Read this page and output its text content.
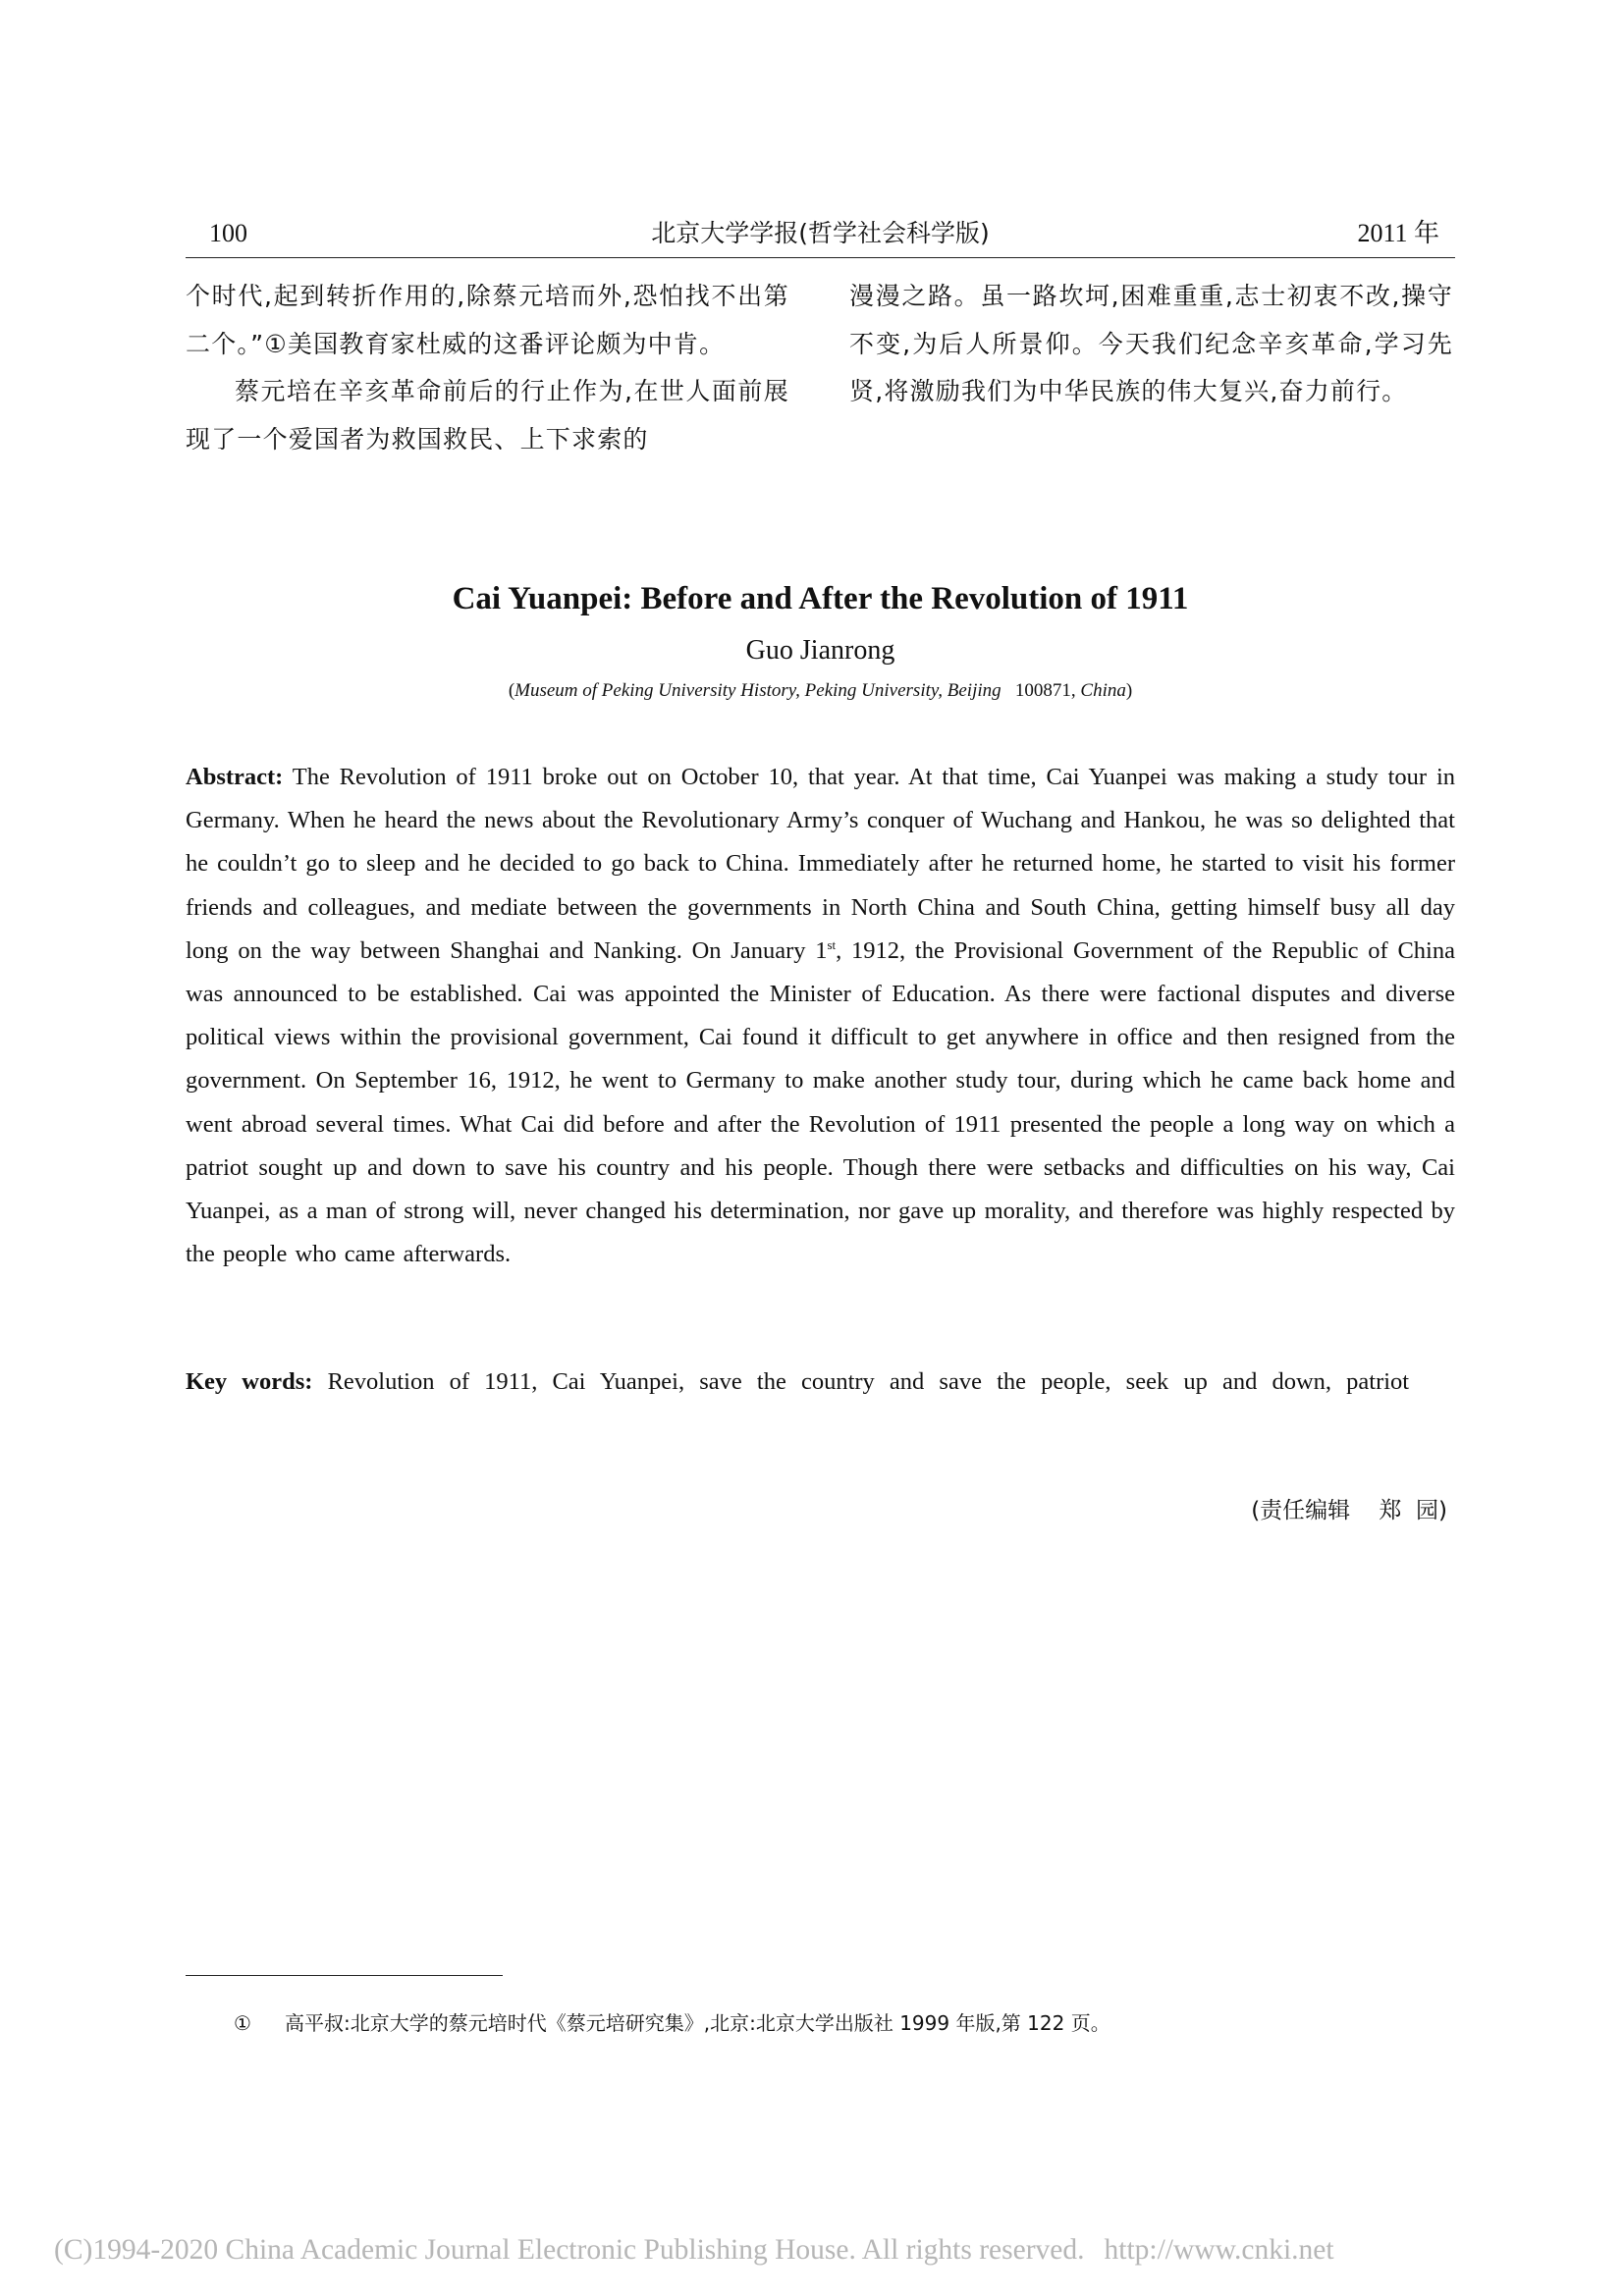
100	北京大学学报(哲学社会科学版)	2011 年

个时代,起到转折作用的,除蔡元培而外,恐怕找不出第二个。”①美国教育家杜威的这番评论颇为中肯。

蔡元培在辛亥革命前后的行止作为,在世人面前展现了一个爱国者为救国救民、上下求索的

漫漫之路。虽一路坎坷,困难重重,志士初衷不改,操守不变,为后人所景仰。今天我们纪念辛亥革命,学习先贤,将激励我们为中华民族的伟大复兴,奋力前行。

Cai Yuanpei: Before and After the Revolution of 1911
Guo Jianrong
(Museum of Peking University History, Peking University, Beijing 100871, China)
Abstract: The Revolution of 1911 broke out on October 10, that year. At that time, Cai Yuanpei was making a study tour in Germany. When he heard the news about the Revolutionary Army’s conquer of Wuchang and Hankou, he was so delighted that he couldn’t go to sleep and he decided to go back to China. Immediately after he returned home, he started to visit his former friends and colleagues, and mediate between the governments in North China and South China, getting himself busy all day long on the way between Shanghai and Nanking. On January 1st, 1912, the Provisional Government of the Republic of China was announced to be established. Cai was appointed the Minister of Education. As there were factional disputes and diverse political views within the provisional government, Cai found it difficult to get anywhere in office and then resigned from the government. On September 16, 1912, he went to Germany to make another study tour, during which he came back home and went abroad several times. What Cai did before and after the Revolution of 1911 presented the people a long way on which a patriot sought up and down to save his country and his people. Though there were setbacks and difficulties on his way, Cai Yuanpei, as a man of strong will, never changed his determination, nor gave up morality, and therefore was highly respected by the people who came afterwards.
Key words: Revolution of 1911, Cai Yuanpei, save the country and save the people, seek up and down, patriot
(责任编辑    郑  园)
① 高平叔:北京大学的蔡元培时代《蔡元培研究集》,北京:北京大学出版社 1999 年版,第 122 页。
(C)1994-2020 China Academic Journal Electronic Publishing House. All rights reserved. http://www.cnki.net
